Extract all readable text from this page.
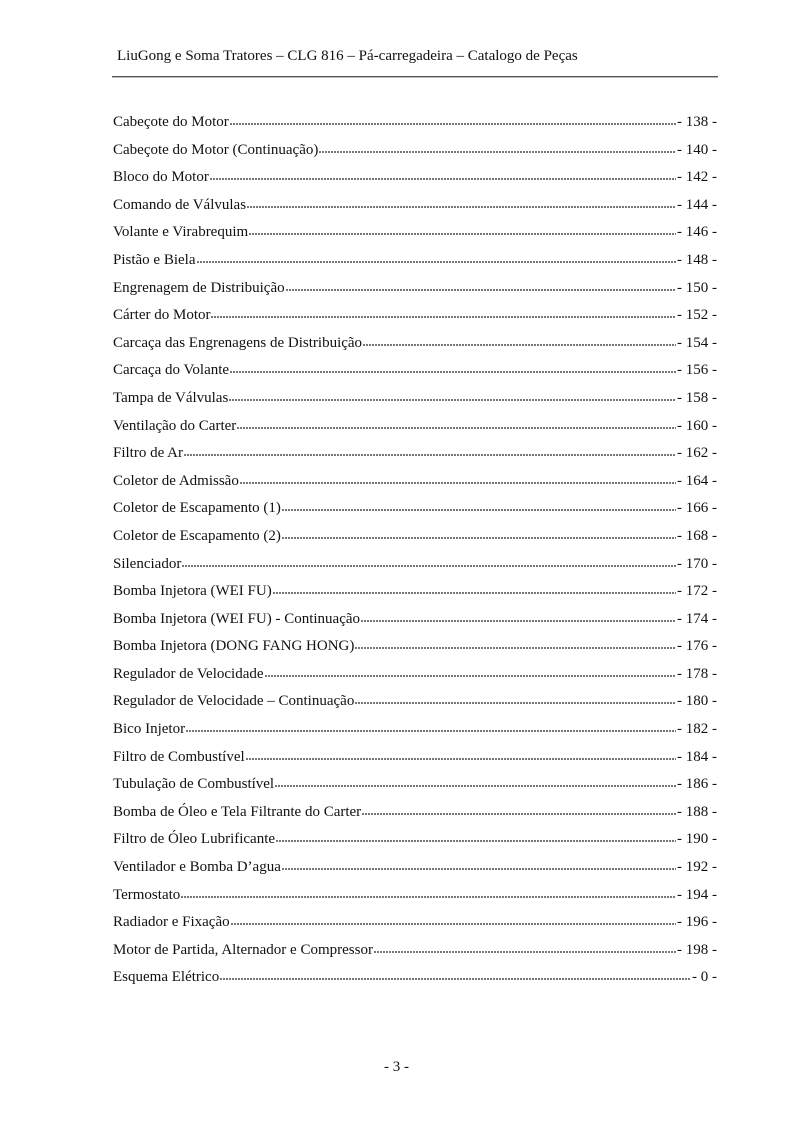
LiuGong e Soma Tratores – CLG 816 – Pá-carregadeira – Catalogo de Peças
Cabeçote do Motor	- 138 -
Cabeçote do Motor (Continuação)	- 140 -
Bloco do Motor	- 142 -
Comando de Válvulas	- 144 -
Volante e Virabrequim	- 146 -
Pistão e Biela	- 148 -
Engrenagem de Distribuição	- 150 -
Cárter do Motor	- 152 -
Carcaça das Engrenagens de Distribuição	- 154 -
Carcaça do Volante	- 156 -
Tampa de Válvulas	- 158 -
Ventilação do Carter	- 160 -
Filtro de Ar	- 162 -
Coletor de Admissão	- 164 -
Coletor de Escapamento (1)	- 166 -
Coletor de Escapamento (2)	- 168 -
Silenciador	- 170 -
Bomba Injetora (WEI FU)	- 172 -
Bomba Injetora (WEI FU) - Continuação	- 174 -
Bomba Injetora (DONG FANG HONG)	- 176 -
Regulador de Velocidade	- 178 -
Regulador de Velocidade – Continuação	- 180 -
Bico Injetor	- 182 -
Filtro de Combustível	- 184 -
Tubulação de Combustível	- 186 -
Bomba de Óleo e Tela Filtrante do Carter	- 188 -
Filtro de Óleo Lubrificante	- 190 -
Ventilador e Bomba D’agua	- 192 -
Termostato	- 194 -
Radiador e Fixação	- 196 -
Motor de Partida, Alternador e Compressor	- 198 -
Esquema Elétrico	- 0 -
- 3 -
